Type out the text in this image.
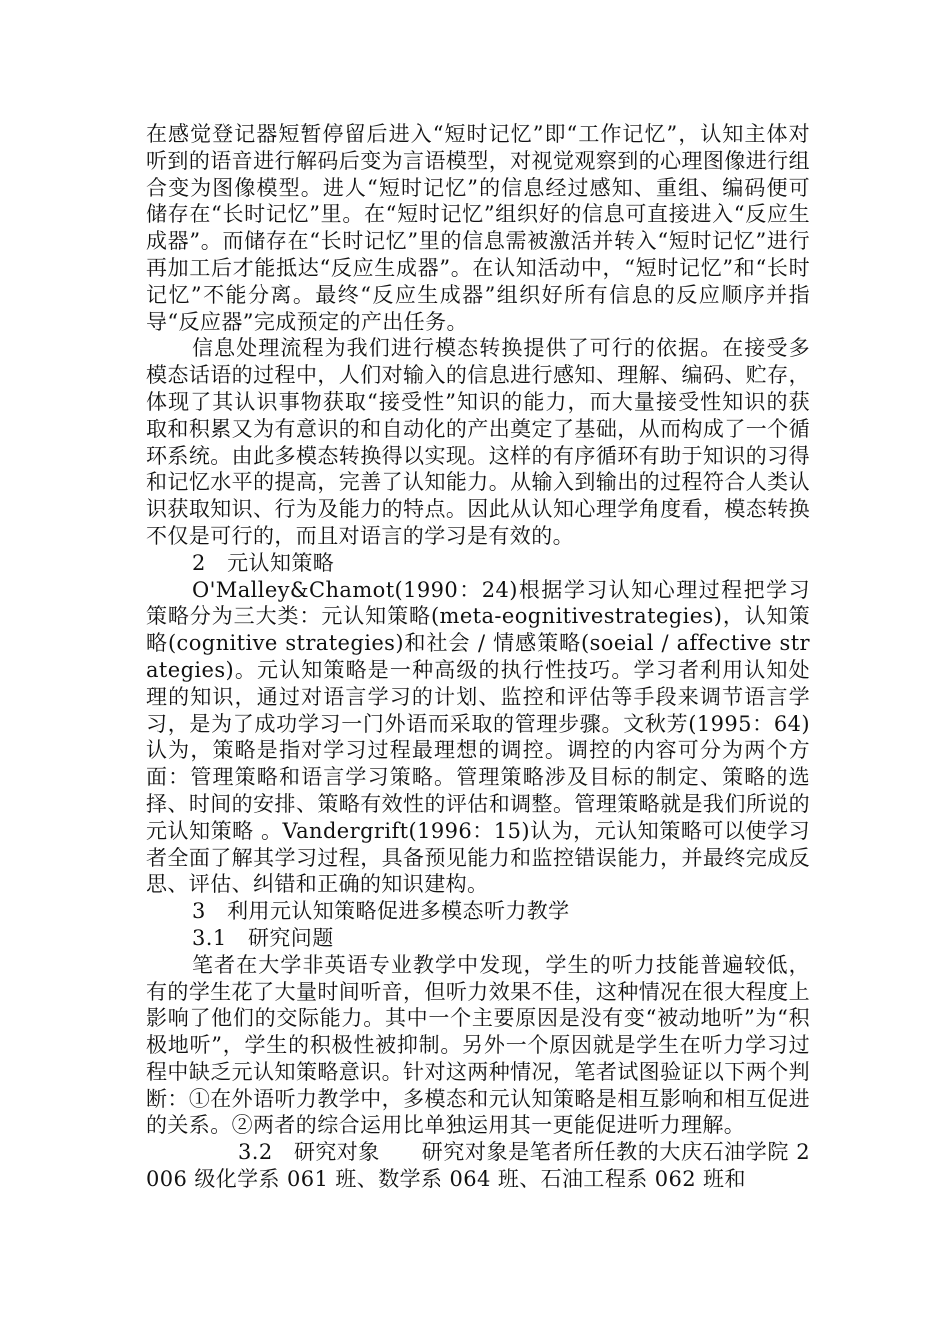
在感觉登记器短暂停留后进入“短时记忆”即“工作记忆”，认知主体对听到的语音进行解码后变为言语模型，对视觉观察到的心理图像进行组合变为图像模型。进人“短时记忆”的信息经过感知、重组、编码便可储存在“长时记忆”里。在“短时记忆”组织好的信息可直接进入“反应生成器”。而储存在“长时记忆”里的信息需被激活并转入“短时记忆”进行再加工后才能抵达“反应生成器”。在认知活动中，“短时记忆”和“长时记忆”不能分离。最终“反应生成器”组织好所有信息的反应顺序并指导“反应器”完成预定的产出任务。

信息处理流程为我们进行模态转换提供了可行的依据。在接受多模态话语的过程中，人们对输入的信息进行感知、理解、编码、贮存，体现了其认识事物获取“接受性”知识的能力，而大量接受性知识的获取和积累又为有意识的和自动化的产出奠定了基础，从而构成了一个循环系统。由此多模态转换得以实现。这样的有序循环有助于知识的习得和记忆水平的提高，完善了认知能力。从输入到输出的过程符合人类认识获取知识、行为及能力的特点。因此从认知心理学角度看，模态转换不仅是可行的，而且对语言的学习是有效的。

2　元认知策略

O'Malley&Chamot(1990：24)根据学习认知心理过程把学习策略分为三大类：元认知策略(meta-eognitivestrategies)，认知策略(cognitive strategies)和社会 / 情感策略(soeial / affective strategies)。元认知策略是一种高级的执行性技巧。学习者利用认知处理的知识，通过对语言学习的计划、监控和评估等手段来调节语言学习，是为了成功学习一门外语而采取的管理步骤。文秋芳(1995：64)认为，策略是指对学习过程最理想的调控。调控的内容可分为两个方面：管理策略和语言学习策略。管理策略涉及目标的制定、策略的选择、时间的安排、策略有效性的评估和调整。管理策略就是我们所说的元认知策略 。Vandergrift(1996：15)认为，元认知策略可以使学习者全面了解其学习过程，具备预见能力和监控错误能力，并最终完成反思、评估、纠错和正确的知识建构。

3　利用元认知策略促进多模态听力教学

3.1　研究问题

笔者在大学非英语专业教学中发现，学生的听力技能普遍较低，有的学生花了大量时间听音，但听力效果不佳，这种情况在很大程度上影响了他们的交际能力。其中一个主要原因是没有变“被动地听”为“积极地听”，学生的积极性被抑制。另外一个原因就是学生在听力学习过程中缺乏元认知策略意识。针对这两种情况，笔者试图验证以下两个判断：①在外语听力教学中，多模态和元认知策略是相互影响和相互促进的关系。②两者的综合运用比单独运用其一更能促进听力理解。

3.2　研究对象 研究对象是笔者所任教的大庆石油学院 2006 级化学系 061 班、数学系 064 班、石油工程系 062 班和
